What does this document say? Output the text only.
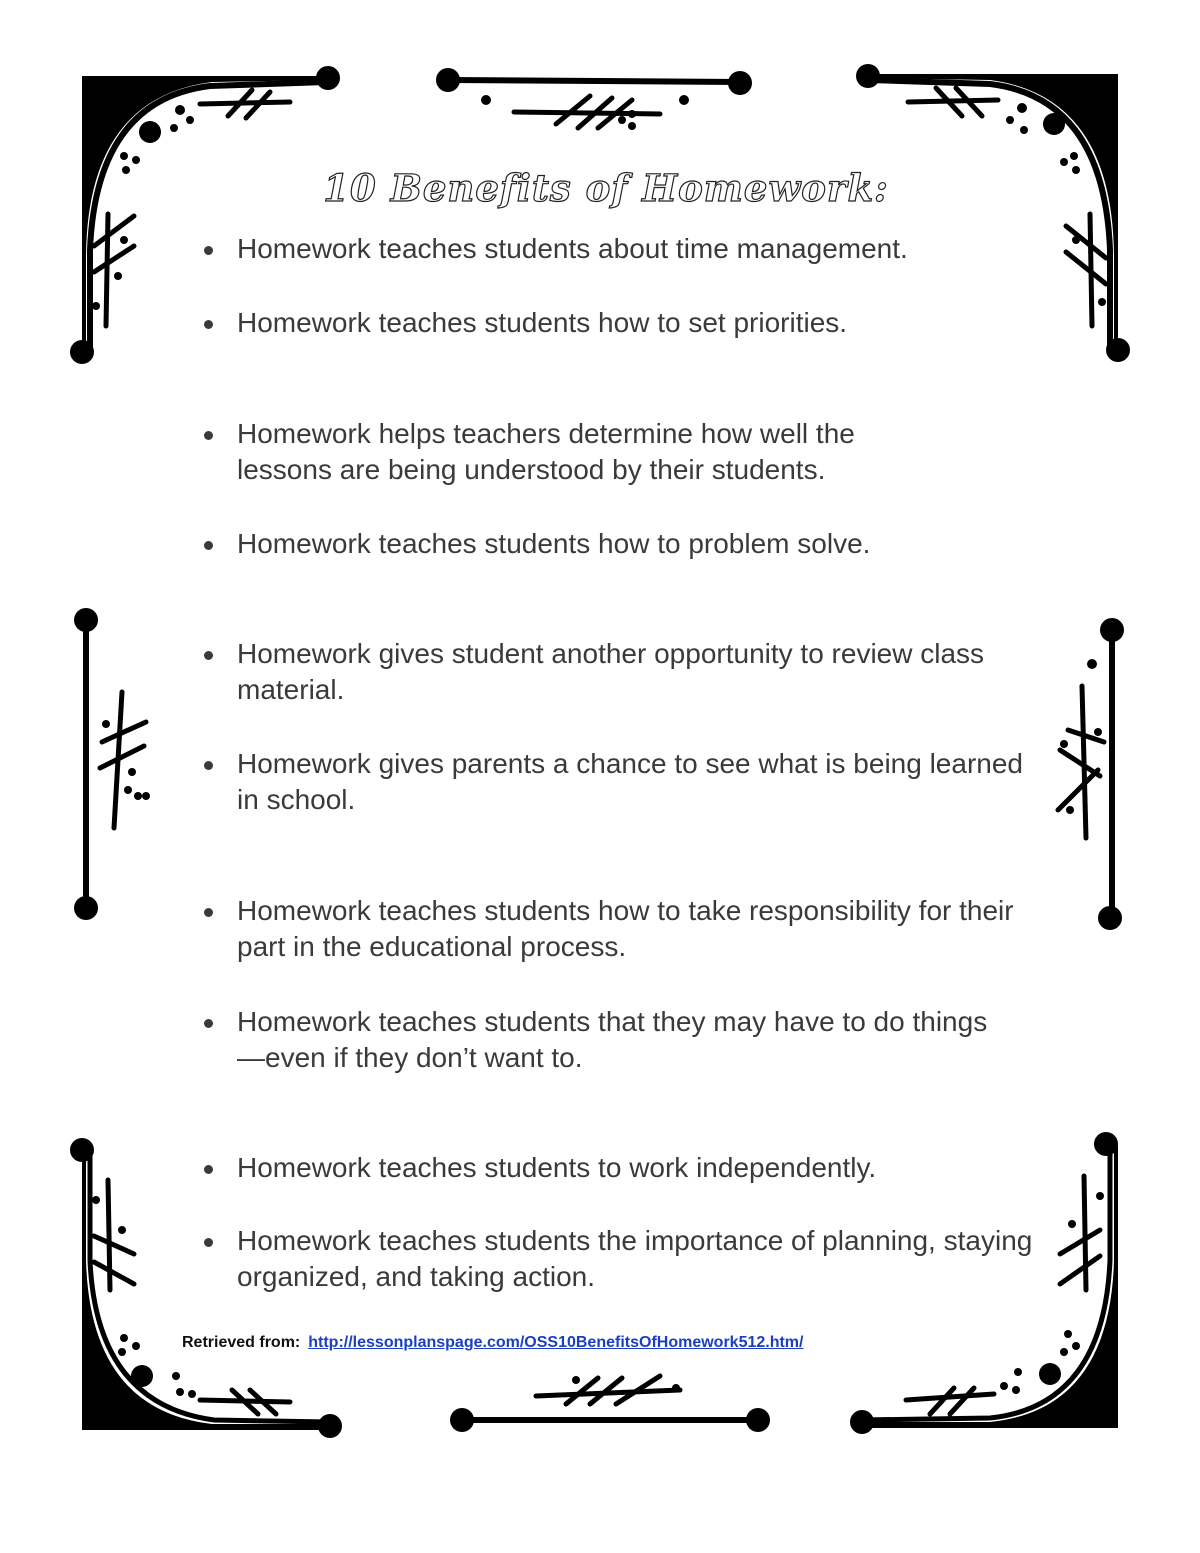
10 Benefits of Homework:

Homework teaches students about time management.

Homework teaches students how to set priorities.

Homework helps teachers determine how well the lessons are being understood by their students.

Homework teaches students how to problem solve.

Homework gives student another opportunity to review class material.

Homework gives parents a chance to see what is being learned in school.

Homework teaches students how to take responsibility for their part in the educational process.

Homework teaches students that they may have to do things—even if they don’t want to.

Homework teaches students to work independently.

Homework teaches students the importance of planning, staying organized, and taking action.

Retrieved from: http://lessonplanspage.com/OSS10BenefitsOfHomework512.htm/
